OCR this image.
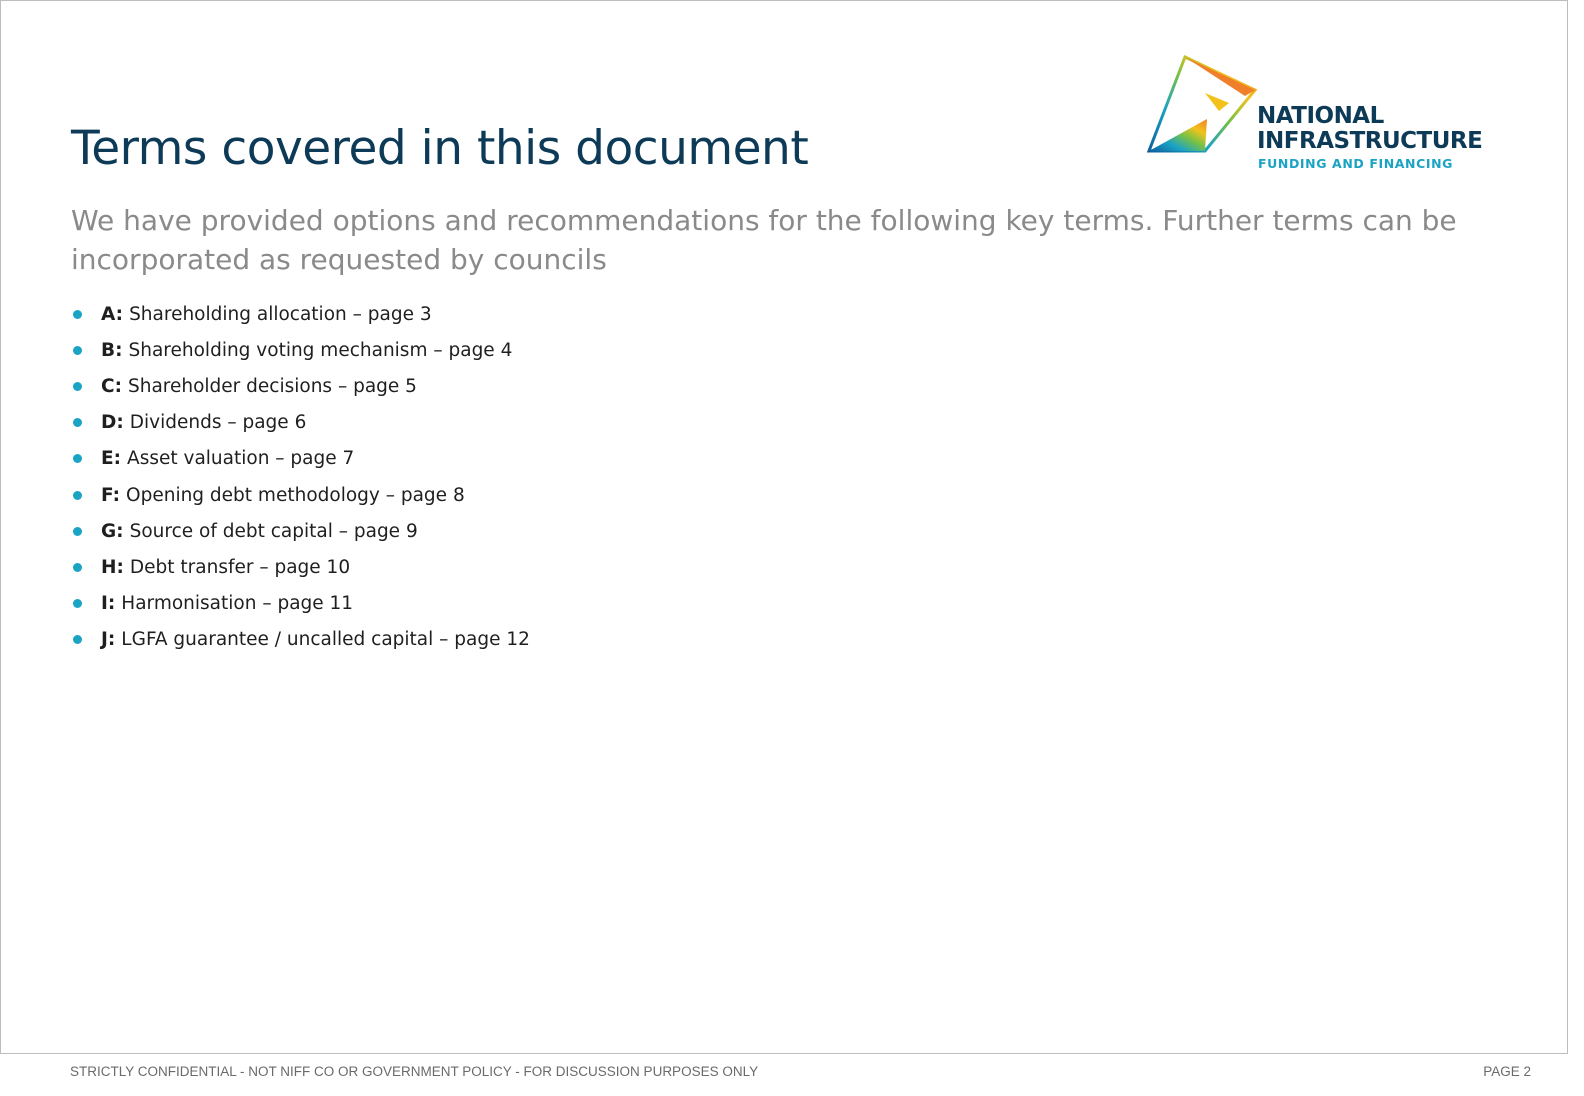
Terms covered in this document

We have provided options and recommendations for the following key terms. Further terms can be incorporated as requested by councils

A: Shareholding allocation – page 3
B: Shareholding voting mechanism – page 4
C: Shareholder decisions – page 5
D: Dividends – page 6
E: Asset valuation – page 7
F: Opening debt methodology – page 8
G: Source of debt capital – page 9
H: Debt transfer – page 10
I: Harmonisation – page 11
J: LGFA guarantee / uncalled capital – page 12
NATIONAL
INFRASTRUCTURE
FUNDING AND FINANCING
STRICTLY CONFIDENTIAL - NOT NIFF CO OR GOVERNMENT POLICY - FOR DISCUSSION PURPOSES ONLY	PAGE 2
